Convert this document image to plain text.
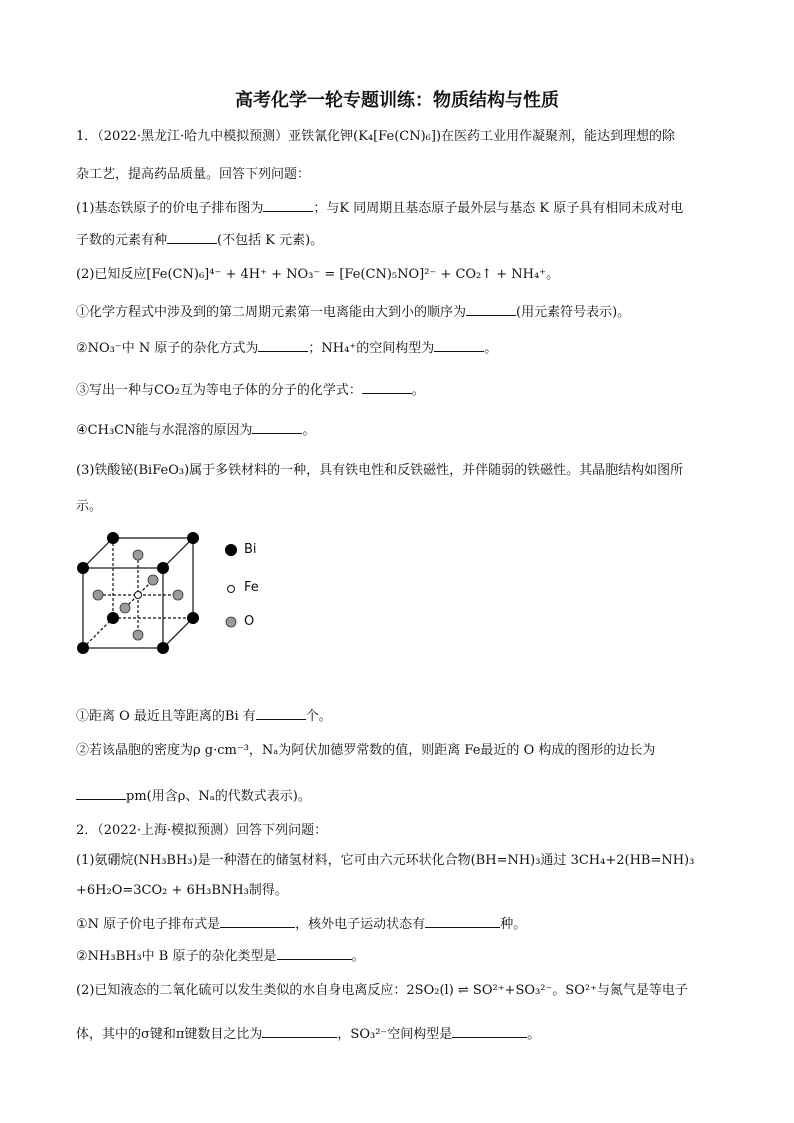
高考化学一轮专题训练：物质结构与性质
1．（2022·黑龙江·哈九中模拟预测）亚铁氰化钾(K₄[Fe(CN)₆])在医药工业用作凝聚剂，能达到理想的除
杂工艺，提高药品质量。回答下列问题：
(1)基态铁原子的价电子排布图为	；与K 同周期且基态原子最外层与基态 K 原子具有相同未成对电
子数的元素有种	(不包括 K 元素)。
(2)已知反应[Fe(CN)₆]⁴⁻ + 4H⁺ + NO₃⁻ = [Fe(CN)₅NO]²⁻ + CO₂↑ + NH₄⁺。
①化学方程式中涉及到的第二周期元素第一电离能由大到小的顺序为	(用元素符号表示)。
②NO₃⁻中 N 原子的杂化方式为	；NH₄⁺的空间构型为	。
③写出一种与CO₂互为等电子体的分子的化学式：	。
④CH₃CN能与水混溶的原因为	。
(3)铁酸铋(BiFeO₃)属于多铁材料的一种，具有铁电性和反铁磁性，并伴随弱的铁磁性。其晶胞结构如图所
示。
Bi
Fe
O
①距离 O 最近且等距离的Bi 有	个。
②若该晶胞的密度为ρ g·cm⁻³，Nₐ为阿伏加德罗常数的值，则距离 Fe最近的 O 构成的图形的边长为
pm(用含ρ、Nₐ的代数式表示)。
2．（2022·上海·模拟预测）回答下列问题：
(1)氨硼烷(NH₃BH₃)是一种潜在的储氢材料，它可由六元环状化合物(BH=NH)₃通过 3CH₄+2(HB=NH)₃
+6H₂O=3CO₂ + 6H₃BNH₃制得。
①N 原子价电子排布式是	，核外电子运动状态有	种。
②NH₃BH₃中 B 原子的杂化类型是	。
(2)已知液态的二氧化硫可以发生类似的水自身电离反应：2SO₂(l) ⇌ SO²⁺+SO₃²⁻。SO²⁺与氮气是等电子
体，其中的σ键和π键数目之比为	，SO₃²⁻空间构型是	。
